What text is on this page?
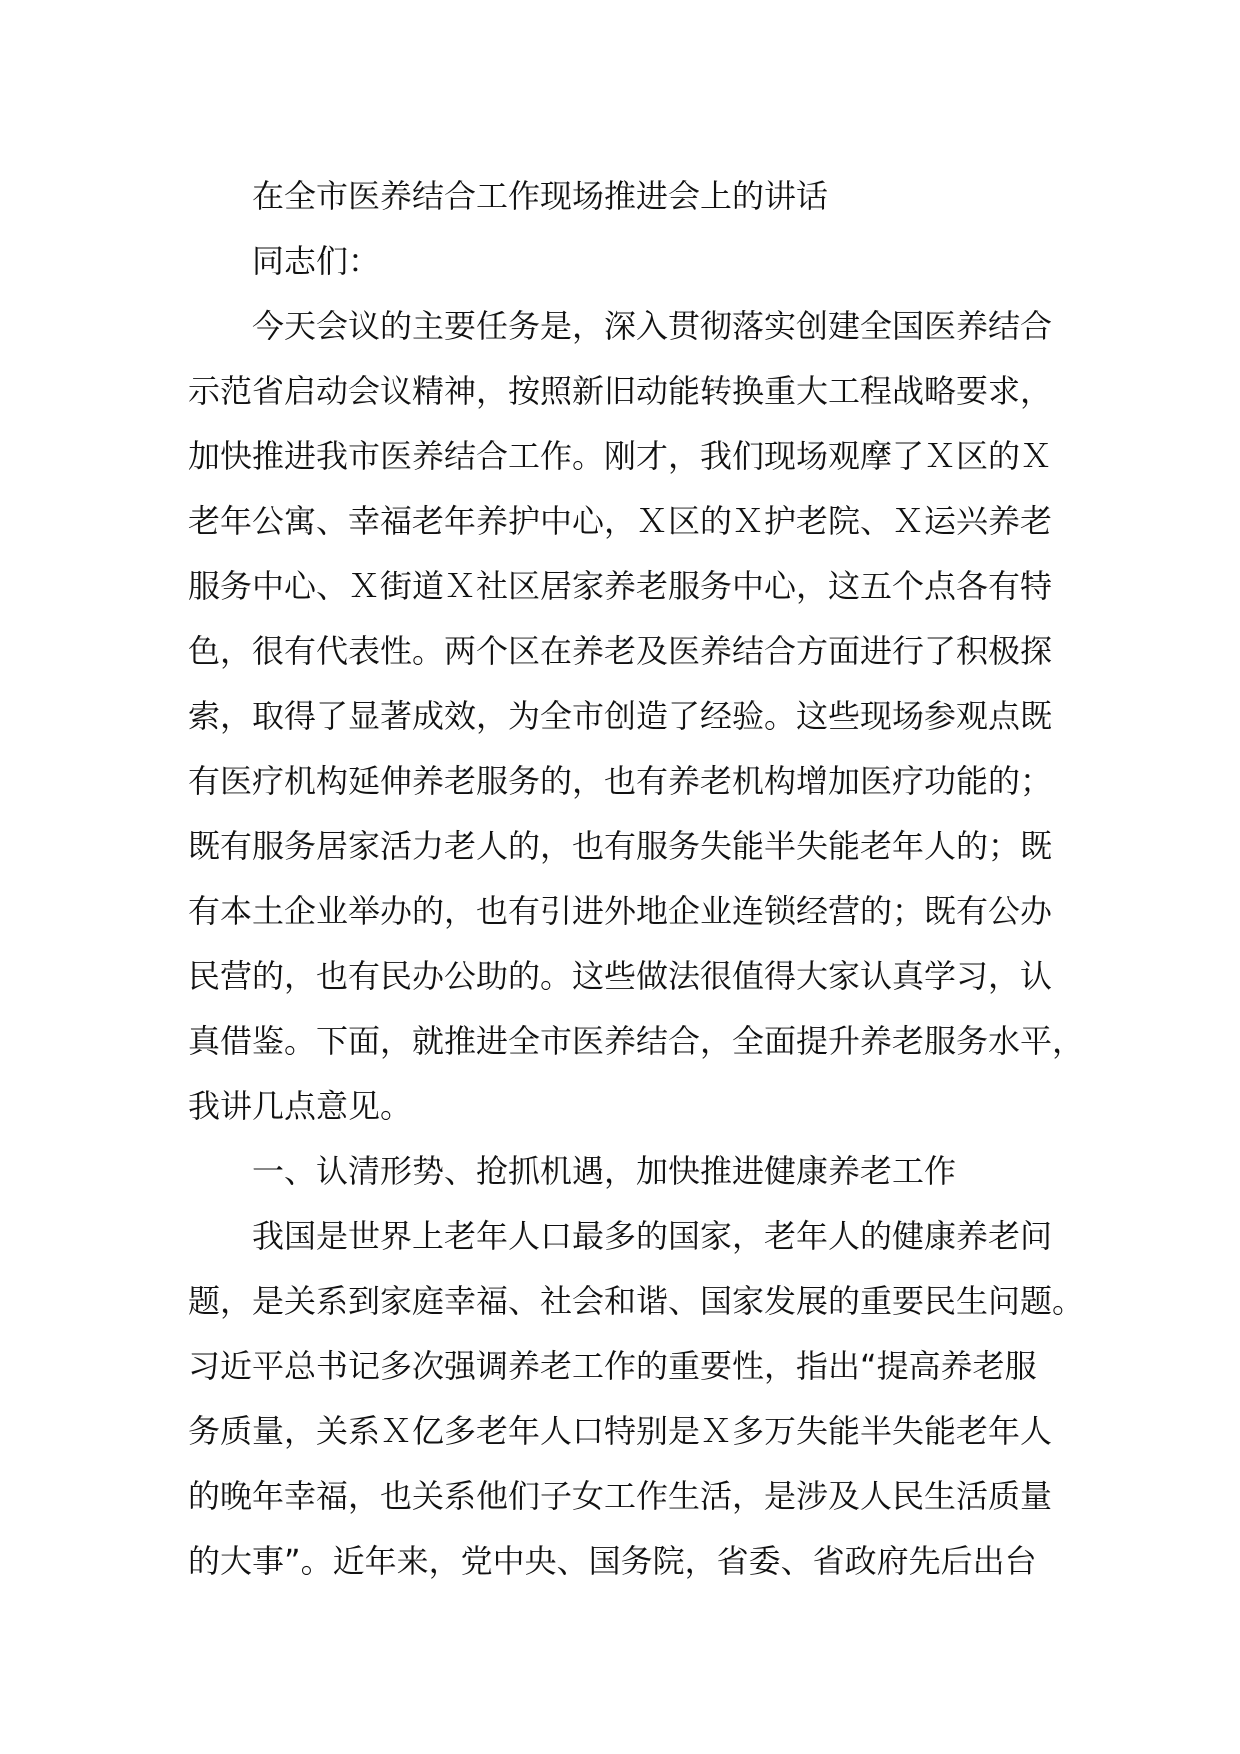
在全市医养结合工作现场推进会上的讲话
同志们：
今天会议的主要任务是，深入贯彻落实创建全国医养结合
示范省启动会议精神，按照新旧动能转换重大工程战略要求，
加快推进我市医养结合工作。刚才，我们现场观摩了Ｘ区的Ｘ
老年公寓、幸福老年养护中心，Ｘ区的Ｘ护老院、Ｘ运兴养老
服务中心、Ｘ街道Ｘ社区居家养老服务中心，这五个点各有特
色，很有代表性。两个区在养老及医养结合方面进行了积极探
索，取得了显著成效，为全市创造了经验。这些现场参观点既
有医疗机构延伸养老服务的，也有养老机构增加医疗功能的；
既有服务居家活力老人的，也有服务失能半失能老年人的；既
有本土企业举办的，也有引进外地企业连锁经营的；既有公办
民营的，也有民办公助的。这些做法很值得大家认真学习，认
真借鉴。下面，就推进全市医养结合，全面提升养老服务水平，
我讲几点意见。
一、认清形势、抢抓机遇，加快推进健康养老工作
我国是世界上老年人口最多的国家，老年人的健康养老问
题，是关系到家庭幸福、社会和谐、国家发展的重要民生问题。
习近平总书记多次强调养老工作的重要性，指出“提高养老服
务质量，关系Ｘ亿多老年人口特别是Ｘ多万失能半失能老年人
的晚年幸福，也关系他们子女工作生活，是涉及人民生活质量
的大事”。近年来，党中央、国务院，省委、省政府先后出台
